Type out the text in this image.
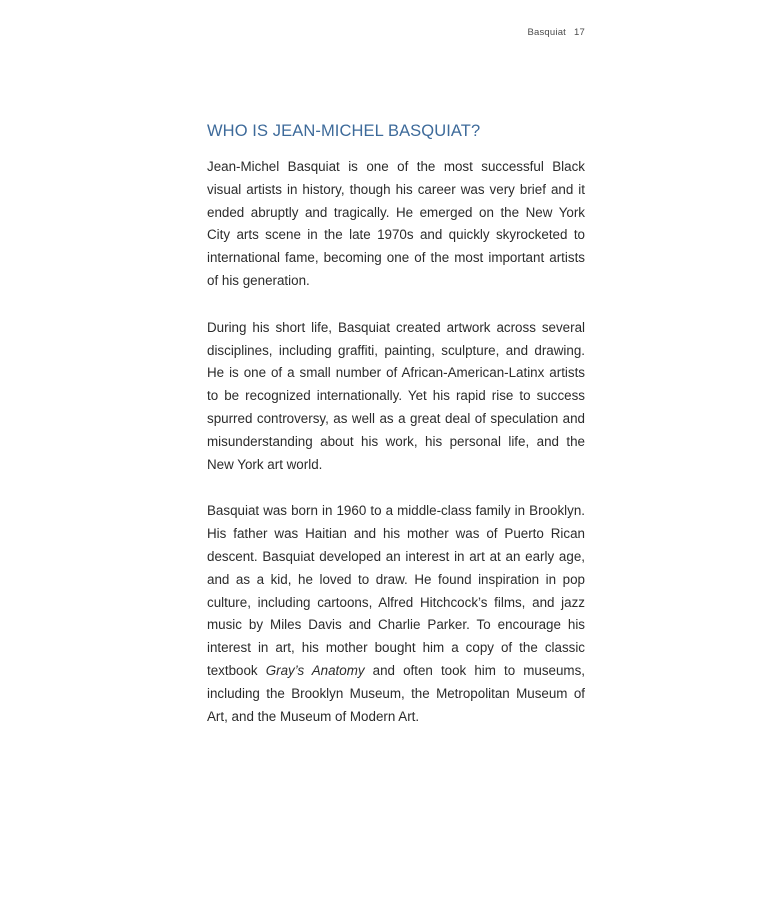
Basquiat 17
WHO IS JEAN-MICHEL BASQUIAT?

Jean-Michel Basquiat is one of the most successful Black visual artists in history, though his career was very brief and it ended abruptly and tragically. He emerged on the New York City arts scene in the late 1970s and quickly skyrocketed to international fame, becoming one of the most important artists of his generation.

During his short life, Basquiat created artwork across several disciplines, including graffiti, painting, sculpture, and drawing. He is one of a small number of African-American-Latinx artists to be recognized internationally. Yet his rapid rise to success spurred controversy, as well as a great deal of speculation and misunderstanding about his work, his personal life, and the New York art world.

Basquiat was born in 1960 to a middle-class family in Brooklyn. His father was Haitian and his mother was of Puerto Rican descent. Basquiat developed an interest in art at an early age, and as a kid, he loved to draw. He found inspiration in pop culture, including cartoons, Alfred Hitchcock’s films, and jazz music by Miles Davis and Charlie Parker. To encourage his interest in art, his mother bought him a copy of the classic textbook Gray’s Anatomy and often took him to museums, including the Brooklyn Museum, the Metropolitan Museum of Art, and the Museum of Modern Art.
